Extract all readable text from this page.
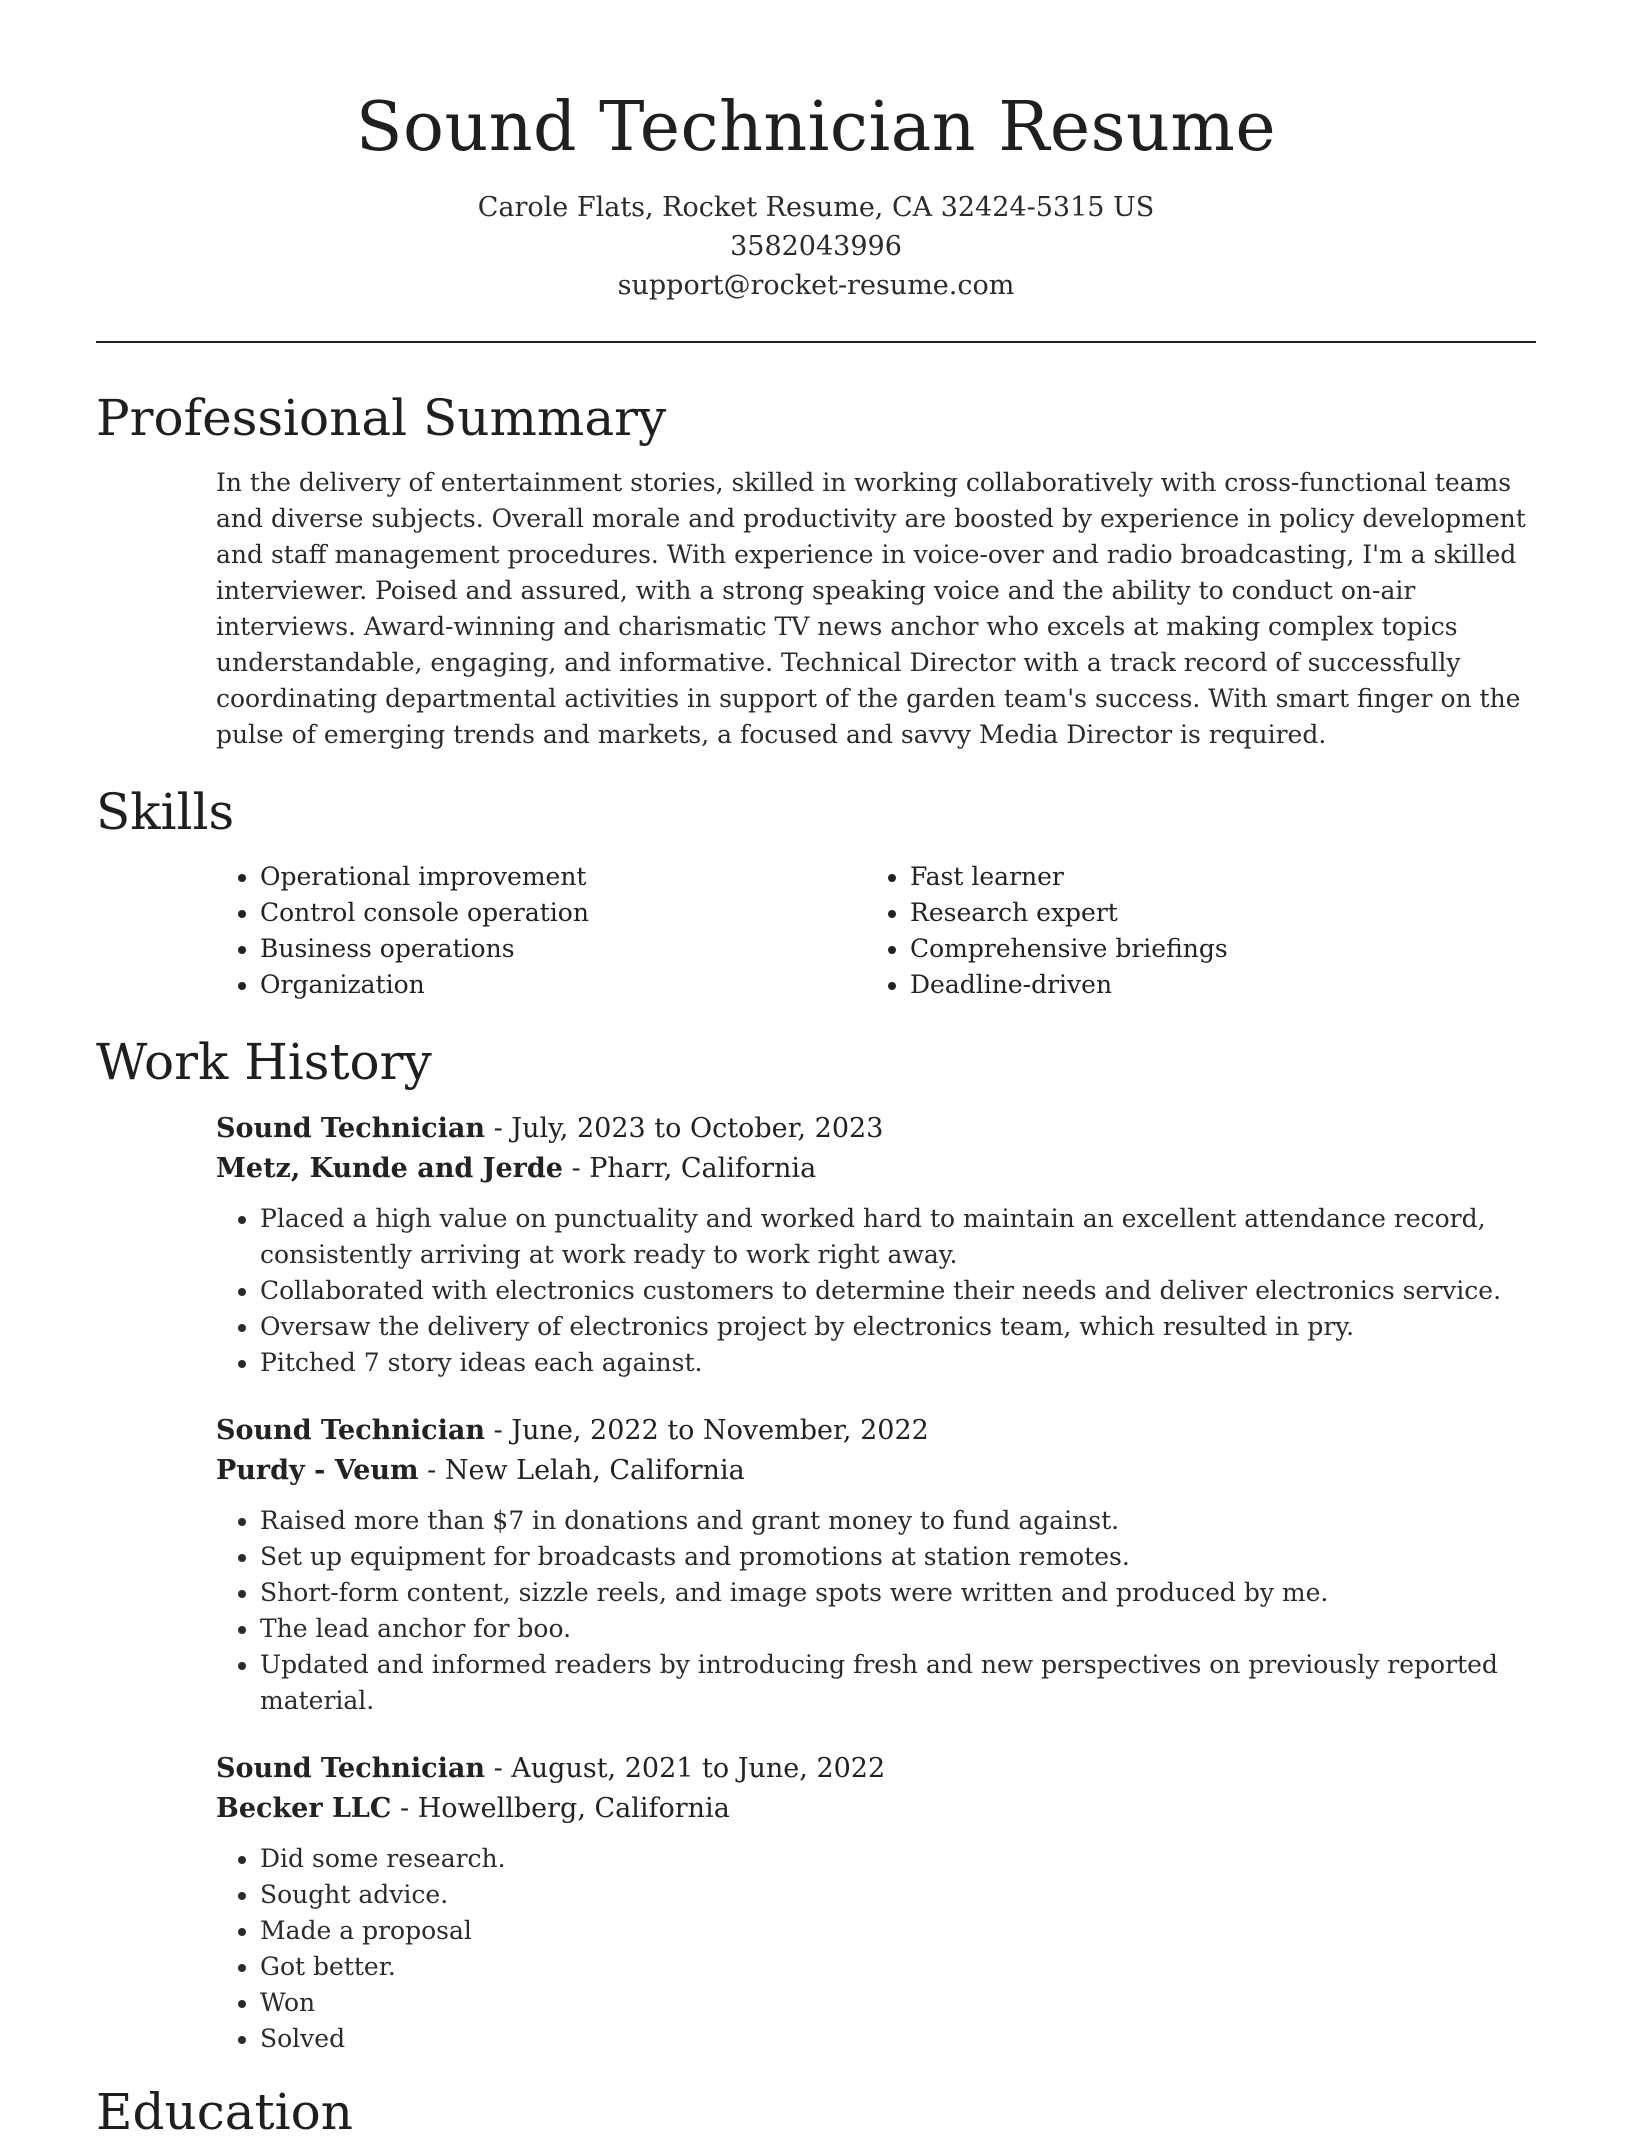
Sound Technician Resume
Carole Flats, Rocket Resume, CA 32424-5315 US
3582043996
support@rocket-resume.com
Professional Summary

In the delivery of entertainment stories, skilled in working collaboratively with cross-functional teams and diverse subjects. Overall morale and productivity are boosted by experience in policy development and staff management procedures. With experience in voice-over and radio broadcasting, I'm a skilled interviewer. Poised and assured, with a strong speaking voice and the ability to conduct on-air interviews. Award-winning and charismatic TV news anchor who excels at making complex topics understandable, engaging, and informative. Technical Director with a track record of successfully coordinating departmental activities in support of the garden team's success. With smart finger on the pulse of emerging trends and markets, a focused and savvy Media Director is required.

Skills
• Operational improvement
• Control console operation
• Business operations
• Organization
• Fast learner
• Research expert
• Comprehensive briefings
• Deadline-driven
Work History
Sound Technician - July, 2023 to October, 2023
Metz, Kunde and Jerde - Pharr, California
• Placed a high value on punctuality and worked hard to maintain an excellent attendance record, consistently arriving at work ready to work right away.
• Collaborated with electronics customers to determine their needs and deliver electronics service.
• Oversaw the delivery of electronics project by electronics team, which resulted in pry.
• Pitched 7 story ideas each against.
Sound Technician - June, 2022 to November, 2022
Purdy - Veum - New Lelah, California
• Raised more than $7 in donations and grant money to fund against.
• Set up equipment for broadcasts and promotions at station remotes.
• Short-form content, sizzle reels, and image spots were written and produced by me.
• The lead anchor for boo.
• Updated and informed readers by introducing fresh and new perspectives on previously reported material.
Sound Technician - August, 2021 to June, 2022
Becker LLC - Howellberg, California
• Did some research.
• Sought advice.
• Made a proposal
• Got better.
• Won
• Solved
Education
